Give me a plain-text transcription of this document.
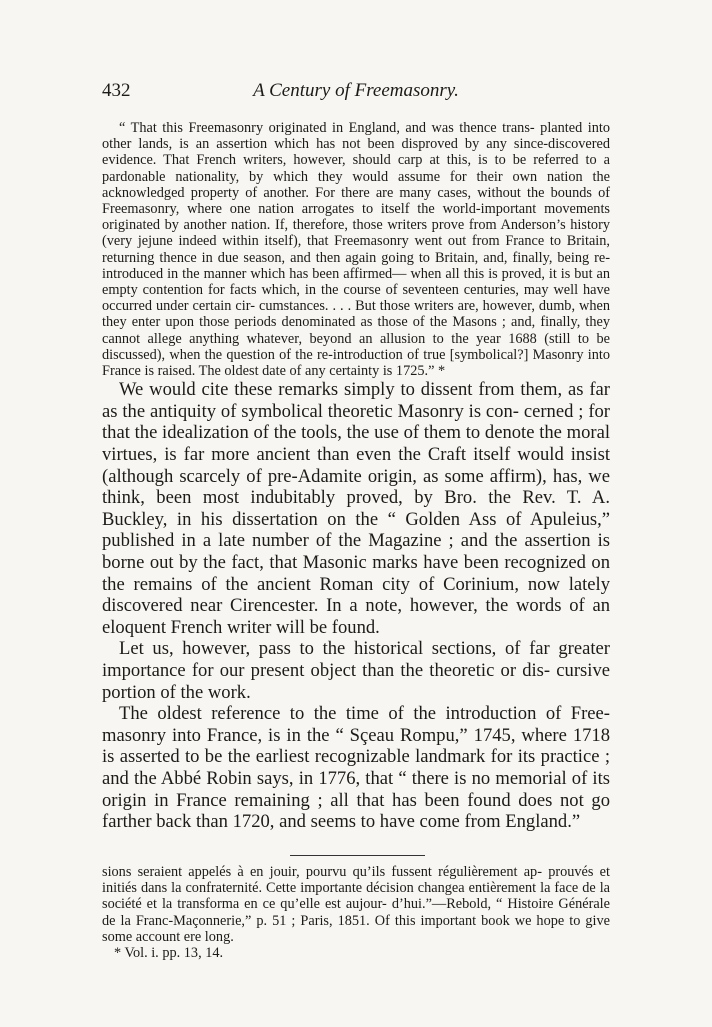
432	A Century of Freemasonry.

“ That this Freemasonry originated in England, and was thence trans- planted into other lands, is an assertion which has not been disproved by any since-discovered evidence. That French writers, however, should carp at this, is to be referred to a pardonable nationality, by which they would assume for their own nation the acknowledged property of another. For there are many cases, without the bounds of Freemasonry, where one nation arrogates to itself the world-important movements originated by another nation. If, therefore, those writers prove from Anderson’s history (very jejune indeed within itself), that Freemasonry went out from France to Britain, returning thence in due season, and then again going to Britain, and, finally, being re-introduced in the manner which has been affirmed— when all this is proved, it is but an empty contention for facts which, in the course of seventeen centuries, may well have occurred under certain cir- cumstances. . . . But those writers are, however, dumb, when they enter upon those periods denominated as those of the Masons ; and, finally, they cannot allege anything whatever, beyond an allusion to the year 1688 (still to be discussed), when the question of the re-introduction of true [symbolical?] Masonry into France is raised. The oldest date of any certainty is 1725.” *

We would cite these remarks simply to dissent from them, as far as the antiquity of symbolical theoretic Masonry is con- cerned ; for that the idealization of the tools, the use of them to denote the moral virtues, is far more ancient than even the Craft itself would insist (although scarcely of pre-Adamite origin, as some affirm), has, we think, been most indubitably proved, by Bro. the Rev. T. A. Buckley, in his dissertation on the “ Golden Ass of Apuleius,” published in a late number of the Magazine ; and the assertion is borne out by the fact, that Masonic marks have been recognized on the remains of the ancient Roman city of Corinium, now lately discovered near Cirencester. In a note, however, the words of an eloquent French writer will be found.

Let us, however, pass to the historical sections, of far greater importance for our present object than the theoretic or dis- cursive portion of the work.

The oldest reference to the time of the introduction of Free- masonry into France, is in the “ Sçeau Rompu,” 1745, where 1718 is asserted to be the earliest recognizable landmark for its practice ; and the Abbé Robin says, in 1776, that “ there is no memorial of its origin in France remaining ; all that has been found does not go farther back than 1720, and seems to have come from England.”

sions seraient appelés à en jouir, pourvu qu’ils fussent régulièrement ap- prouvés et initiés dans la confraternité. Cette importante décision changea entièrement la face de la société et la transforma en ce qu’elle est aujour- d’hui.”—Rebold, “ Histoire Générale de la Franc-Maçonnerie,” p. 51 ; Paris, 1851. Of this important book we hope to give some account ere long.

* Vol. i. pp. 13, 14.
